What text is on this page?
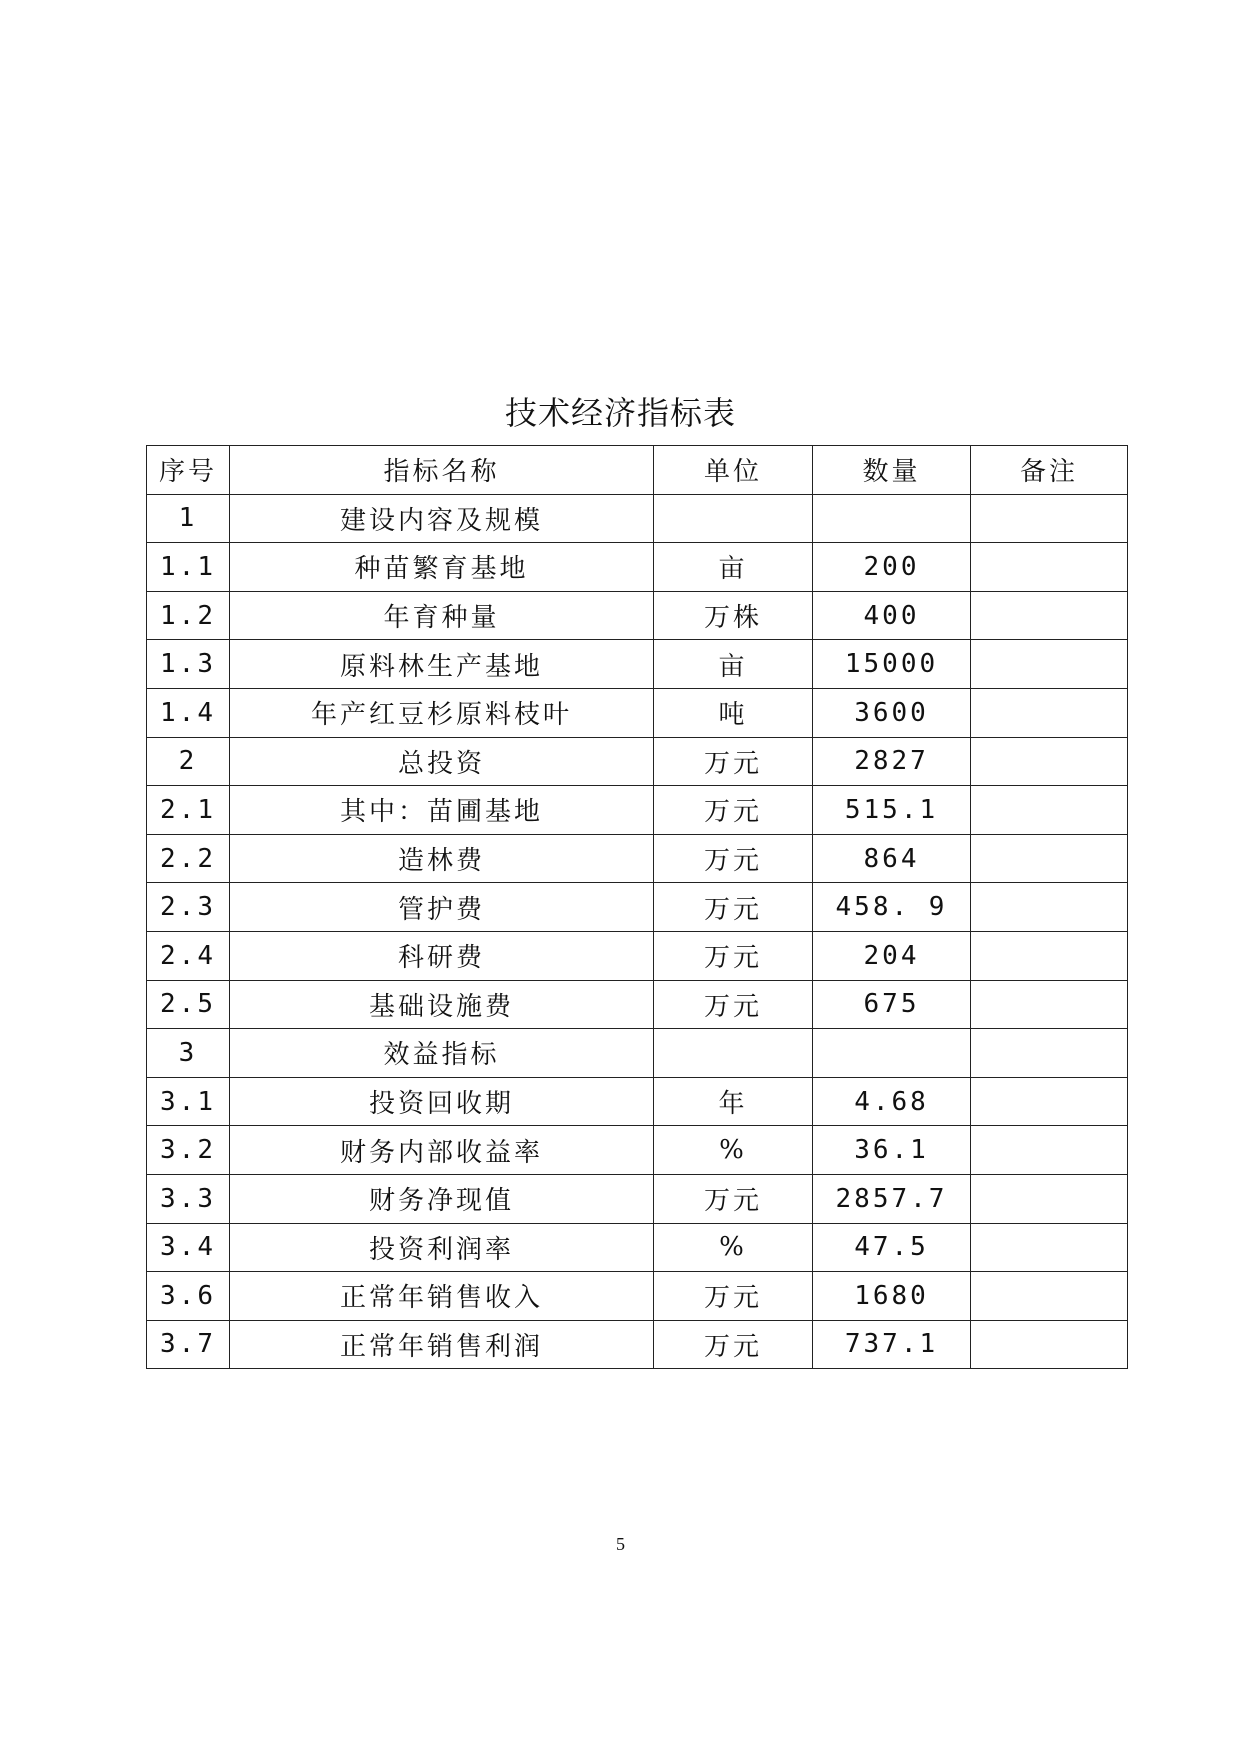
技术经济指标表
序号	指标名称	单位	数量	备注
1	建设内容及规模			
1.1	种苗繁育基地	亩	200	
1.2	年育种量	万株	400	
1.3	原料林生产基地	亩	15000	
1.4	年产红豆杉原料枝叶	吨	3600	
2	总投资	万元	2827	
2.1	其中：苗圃基地	万元	515.1	
2.2	造林费	万元	864	
2.3	管护费	万元	458. 9	
2.4	科研费	万元	204	
2.5	基础设施费	万元	675	
3	效益指标			
3.1	投资回收期	年	4.68	
3.2	财务内部收益率	%	36.1	
3.3	财务净现值	万元	2857.7	
3.4	投资利润率	%	47.5	
3.6	正常年销售收入	万元	1680	
3.7	正常年销售利润	万元	737.1	
5
